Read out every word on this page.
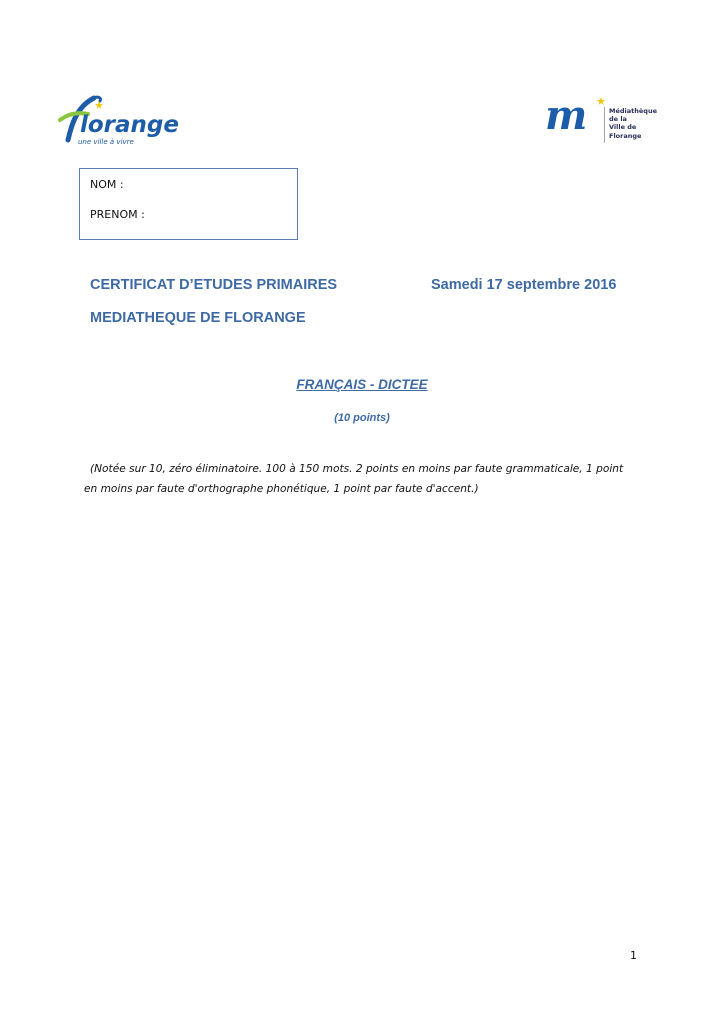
lorange
une ville à vivre
m	Médiathèque
de la
Ville de Florange
NOM :
PRENOM :
CERTIFICAT D’ETUDES PRIMAIRES	Samedi 17 septembre 2016
MEDIATHEQUE DE FLORANGE
FRANÇAIS - DICTEE
(10 points)
(Notée sur 10, zéro éliminatoire. 100 à 150 mots. 2 points en moins par faute grammaticale, 1 point
en moins par faute d'orthographe phonétique, 1 point par faute d'accent.)
1
